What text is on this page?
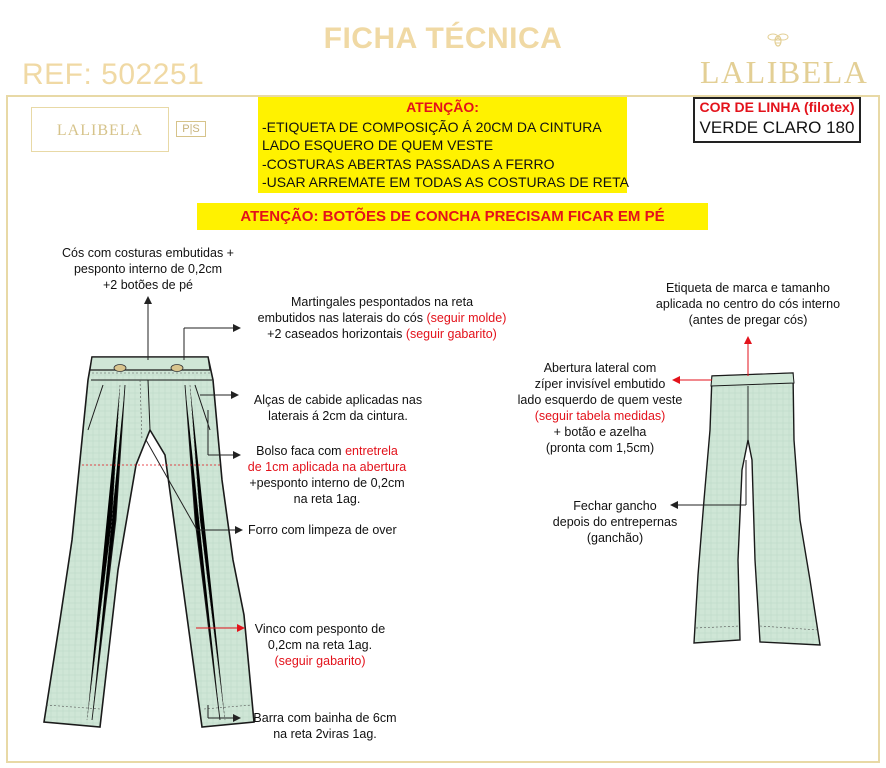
FICHA TÉCNICA
REF: 502251	LALIBELA
LALIBELA	P|S
ATENÇÃO:
-ETIQUETA DE COMPOSIÇÃO Á 20CM DA CINTURA
LADO ESQUERO DE QUEM VESTE
-COSTURAS ABERTAS PASSADAS A FERRO
-USAR ARREMATE EM TODAS AS COSTURAS DE RETA
COR DE LINHA (filotex)
VERDE CLARO 180
ATENÇÃO: BOTÕES DE CONCHA PRECISAM FICAR EM PÉ
Cós com costuras embutidas +
pesponto interno de 0,2cm
+2 botões de pé
Martingales pespontados na reta
embutidos nas laterais do cós (seguir molde)
+2 caseados horizontais (seguir gabarito)
Alças de cabide aplicadas nas
laterais á 2cm da cintura.
Bolso faca com entretrela
de 1cm aplicada na abertura
+pesponto interno de 0,2cm
na reta 1ag.
Forro com limpeza de over
Vinco com pesponto de
0,2cm na reta 1ag.
(seguir gabarito)
Barra com bainha de 6cm
na reta 2viras 1ag.
Etiqueta de marca e tamanho
aplicada no centro do cós interno
(antes de pregar cós)
Abertura lateral com
zíper invisível embutido
lado esquerdo de quem veste
(seguir tabela medidas)
+ botão e azelha
(pronta com 1,5cm)
Fechar gancho
depois do entrepernas
(ganchão)
